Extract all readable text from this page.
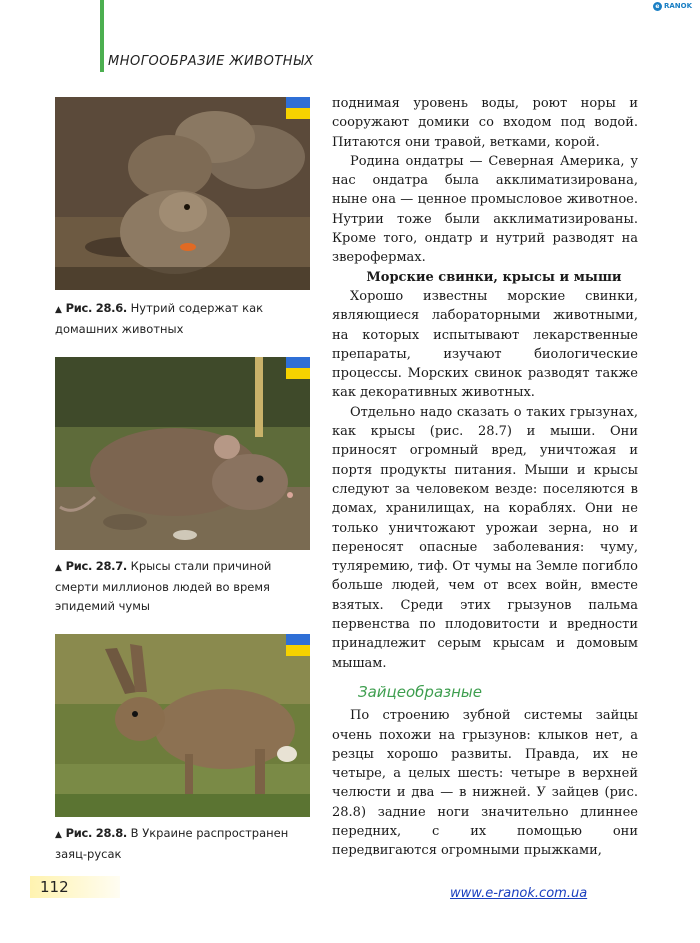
МНОГООБРАЗИЕ ЖИВОТНЫХ
e RANOK
▲ Рис. 28.6. Нутрий содержат как домашних животных
▲ Рис. 28.7. Крысы стали причиной смерти миллионов людей во время эпидемий чумы
▲ Рис. 28.8. В Украине распространен заяц-русак

поднимая уровень воды, роют норы и сооружают домики со входом под водой. Питаются они травой, ветками, корой.

Родина ондатры — Северная Америка, у нас ондатра была акклиматизирована, ныне она — ценное промысловое животное. Нутрии тоже были акклиматизированы. Кроме того, ондатр и нутрий разводят на зверофермах.

Морские свинки, крысы и мыши

Хорошо известны морские свинки, являющиеся лабораторными животными, на которых испытывают лекарственные препараты, изучают биологические процессы. Морских свинок разводят также как декоративных животных.

Отдельно надо сказать о таких грызунах, как крысы (рис. 28.7) и мыши. Они приносят огромный вред, уничтожая и портя продукты питания. Мыши и крысы следуют за человеком везде: поселяются в домах, хранилищах, на кораблях. Они не только уничтожают урожаи зерна, но и переносят опасные заболевания: чуму, туляремию, тиф. От чумы на Земле погибло больше людей, чем от всех войн, вместе взятых. Среди этих грызунов пальма первенства по плодовитости и вредности принадлежит серым крысам и домовым мышам.

Зайцеобразные

По строению зубной системы зайцы очень похожи на грызунов: клыков нет, а резцы хорошо развиты. Правда, их не четыре, а целых шесть: четыре в верхней челюсти и два — в нижней. У зайцев (рис. 28.8) задние ноги значительно длиннее передних, с их помощью они передвигаются огромными прыжками,

112	www.e-ranok.com.ua
